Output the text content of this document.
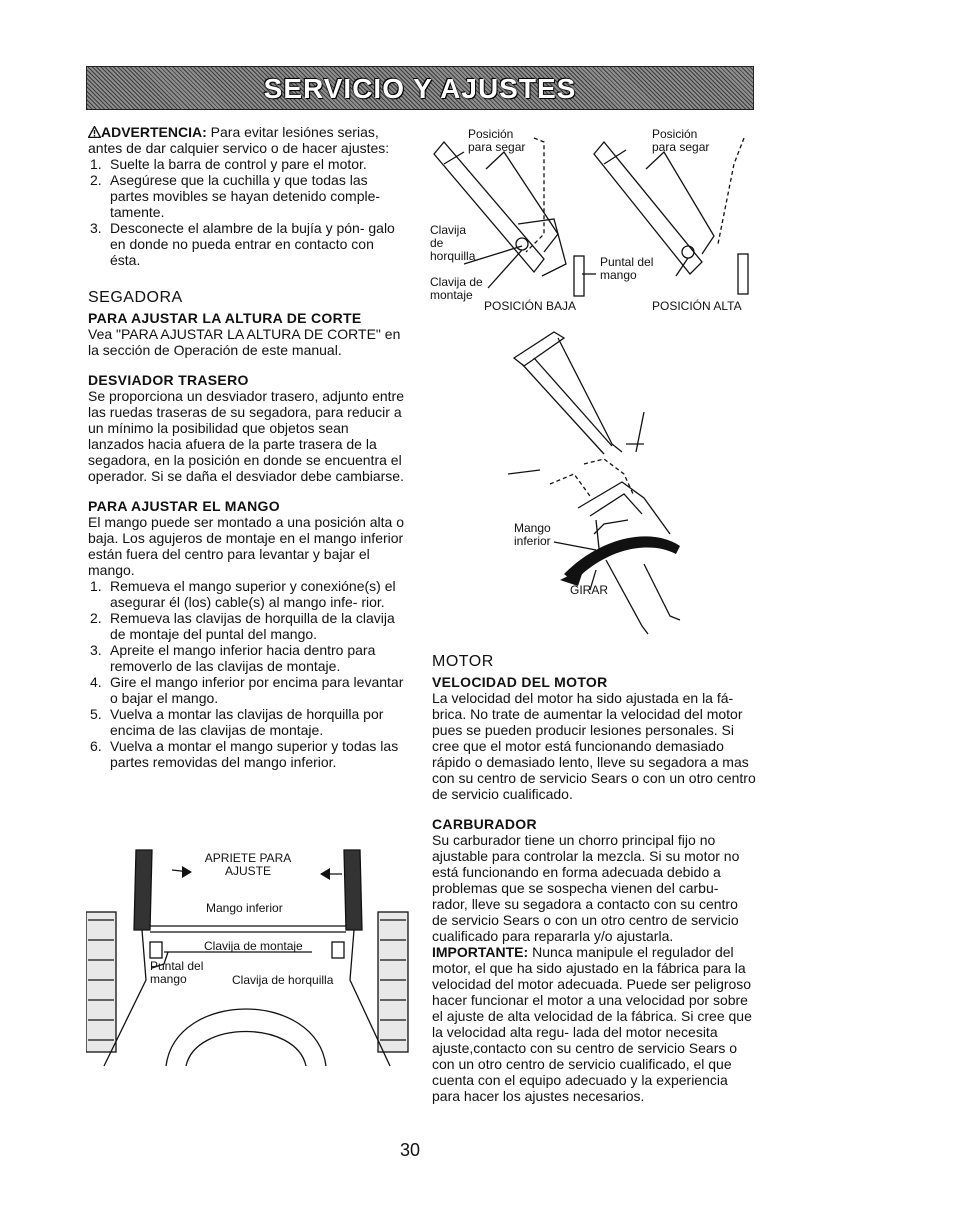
SERVICIO Y AJUSTES

ADVERTENCIA: Para evitar lesiónes serias, antes de dar calquier servico o de hacer ajustes:

1. Suelte la barra de control y pare el motor.
2. Asegúrese que la cuchilla y que todas las partes movibles se hayan detenido comple- tamente.
3. Desconecte el alambre de la bujía y pón- galo en donde no pueda entrar en contacto con ésta.
SEGADORA
PARA AJUSTAR LA ALTURA DE CORTE

Vea "PARA AJUSTAR LA ALTURA DE CORTE" en la sección de Operación de este manual.

DESVIADOR TRASERO

Se proporciona un desviador trasero, adjunto entre las ruedas traseras de su segadora, para reducir a un mínimo la posibilidad que objetos sean lanzados hacia afuera de la parte trasera de la segadora, en la posición en donde se encuentra el operador. Si se daña el desviador debe cambiarse.

PARA AJUSTAR EL MANGO

El mango puede ser montado a una posición alta o baja. Los agujeros de montaje en el mango inferior están fuera del centro para levantar y bajar el mango.

1. Remueva el mango superior y conexióne(s) el asegurar él (los) cable(s) al mango infe- rior.
2. Remueva las clavijas de horquilla de la clavija de montaje del puntal del mango.
3. Apreite el mango inferior hacia dentro para removerlo de las clavijas de montaje.
4. Gire el mango inferior por encima para levantar o bajar el mango.
5. Vuelva a montar las clavijas de horquilla por encima de las clavijas de montaje.
6. Vuelva a montar el mango superior y todas las partes removidas del mango inferior.
Posición para segar
Posición para segar
Clavija de horquilla
Clavija de montaje
Puntal del mango
POSICIÓN BAJA	POSICIÓN ALTA
Mango inferior
GIRAR
APRIETE PARA AJUSTE
Mango inferior
Clavija de montaje
Puntal del mango	Clavija de horquilla
MOTOR
VELOCIDAD DEL MOTOR

La velocidad del motor ha sido ajustada en la fá- brica. No trate de aumentar la velocidad del motor pues se pueden producir lesiones personales. Si cree que el motor está funcionando demasiado rápido o demasiado lento, lleve su segadora a mas con su centro de servicio Sears o con un otro centro de servicio cualificado.

CARBURADOR

Su carburador tiene un chorro principal fijo no ajustable para controlar la mezcla. Si su motor no está funcionando en forma adecuada debido a problemas que se sospecha vienen del carbu- rador, lleve su segadora a contacto con su centro de servicio Sears o con un otro centro de servicio cualificado para repararla y/o ajustarla.

IMPORTANTE: Nunca manipule el regulador del motor, el que ha sido ajustado en la fábrica para la velocidad del motor adecuada. Puede ser peligroso hacer funcionar el motor a una velocidad por sobre el ajuste de alta velocidad de la fábrica. Si cree que la velocidad alta regu- lada del motor necesita ajuste,contacto con su centro de servicio Sears o con un otro centro de servicio cualificado, el que cuenta con el equipo adecuado y la experiencia para hacer los ajustes necesarios.

30
